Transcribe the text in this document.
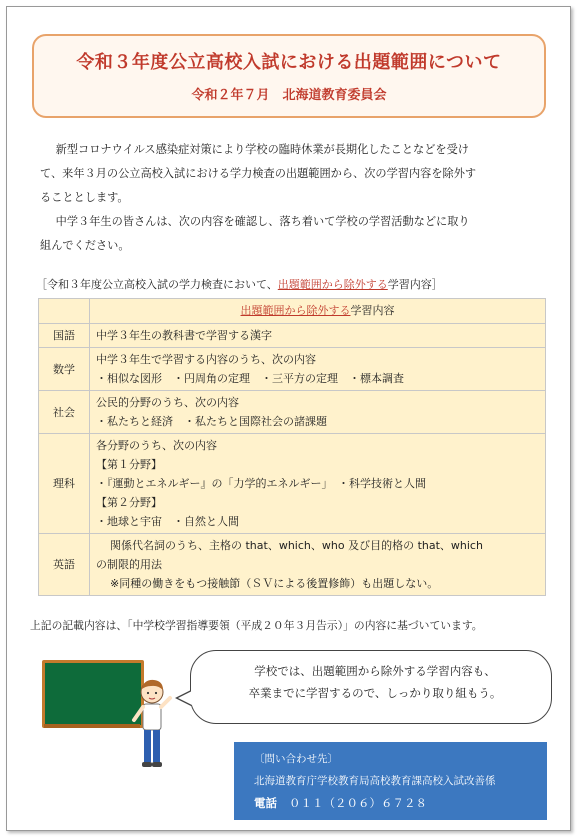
令和３年度公立高校入試における出題範囲について
令和２年７月　北海道教育委員会

新型コロナウイルス感染症対策により学校の臨時休業が長期化したことなどを受け

て、来年３月の公立高校入試における学力検査の出題範囲から、次の学習内容を除外す
ることとします。

中学３年生の皆さんは、次の内容を確認し、落ち着いて学校の学習活動などに取り

組んでください。
［令和３年度公立高校入試の学力検査において、出題範囲から除外する学習内容］
	出題範囲から除外する学習内容
国語	中学３年生の教科書で学習する漢字

数学	中学３年生で学習する内容のうち、次の内容
・相似な図形　・円周角の定理　・三平方の定理　・標本調査

社会	公民的分野のうち、次の内容
・私たちと経済　・私たちと国際社会の諸課題

理科	各分野のうち、次の内容
【第１分野】
・『運動とエネルギー』の「力学的エネルギー」　・科学技術と人間
【第２分野】
・地球と宇宙　・自然と人間

英語	関係代名詞のうち、主格の that、which、who 及び目的格の that、which
の制限的用法
※同種の働きをもつ接触節（ＳＶによる後置修飾）も出題しない。
上記の記載内容は、「中学校学習指導要領（平成２０年３月告示）」の内容に基づいています。
学校では、出題範囲から除外する学習内容も、
卒業までに学習するので、しっかり取り組もう。
〔問い合わせ先〕
北海道教育庁学校教育局高校教育課高校入試改善係
電話 ０１１（２０６）６７２８
